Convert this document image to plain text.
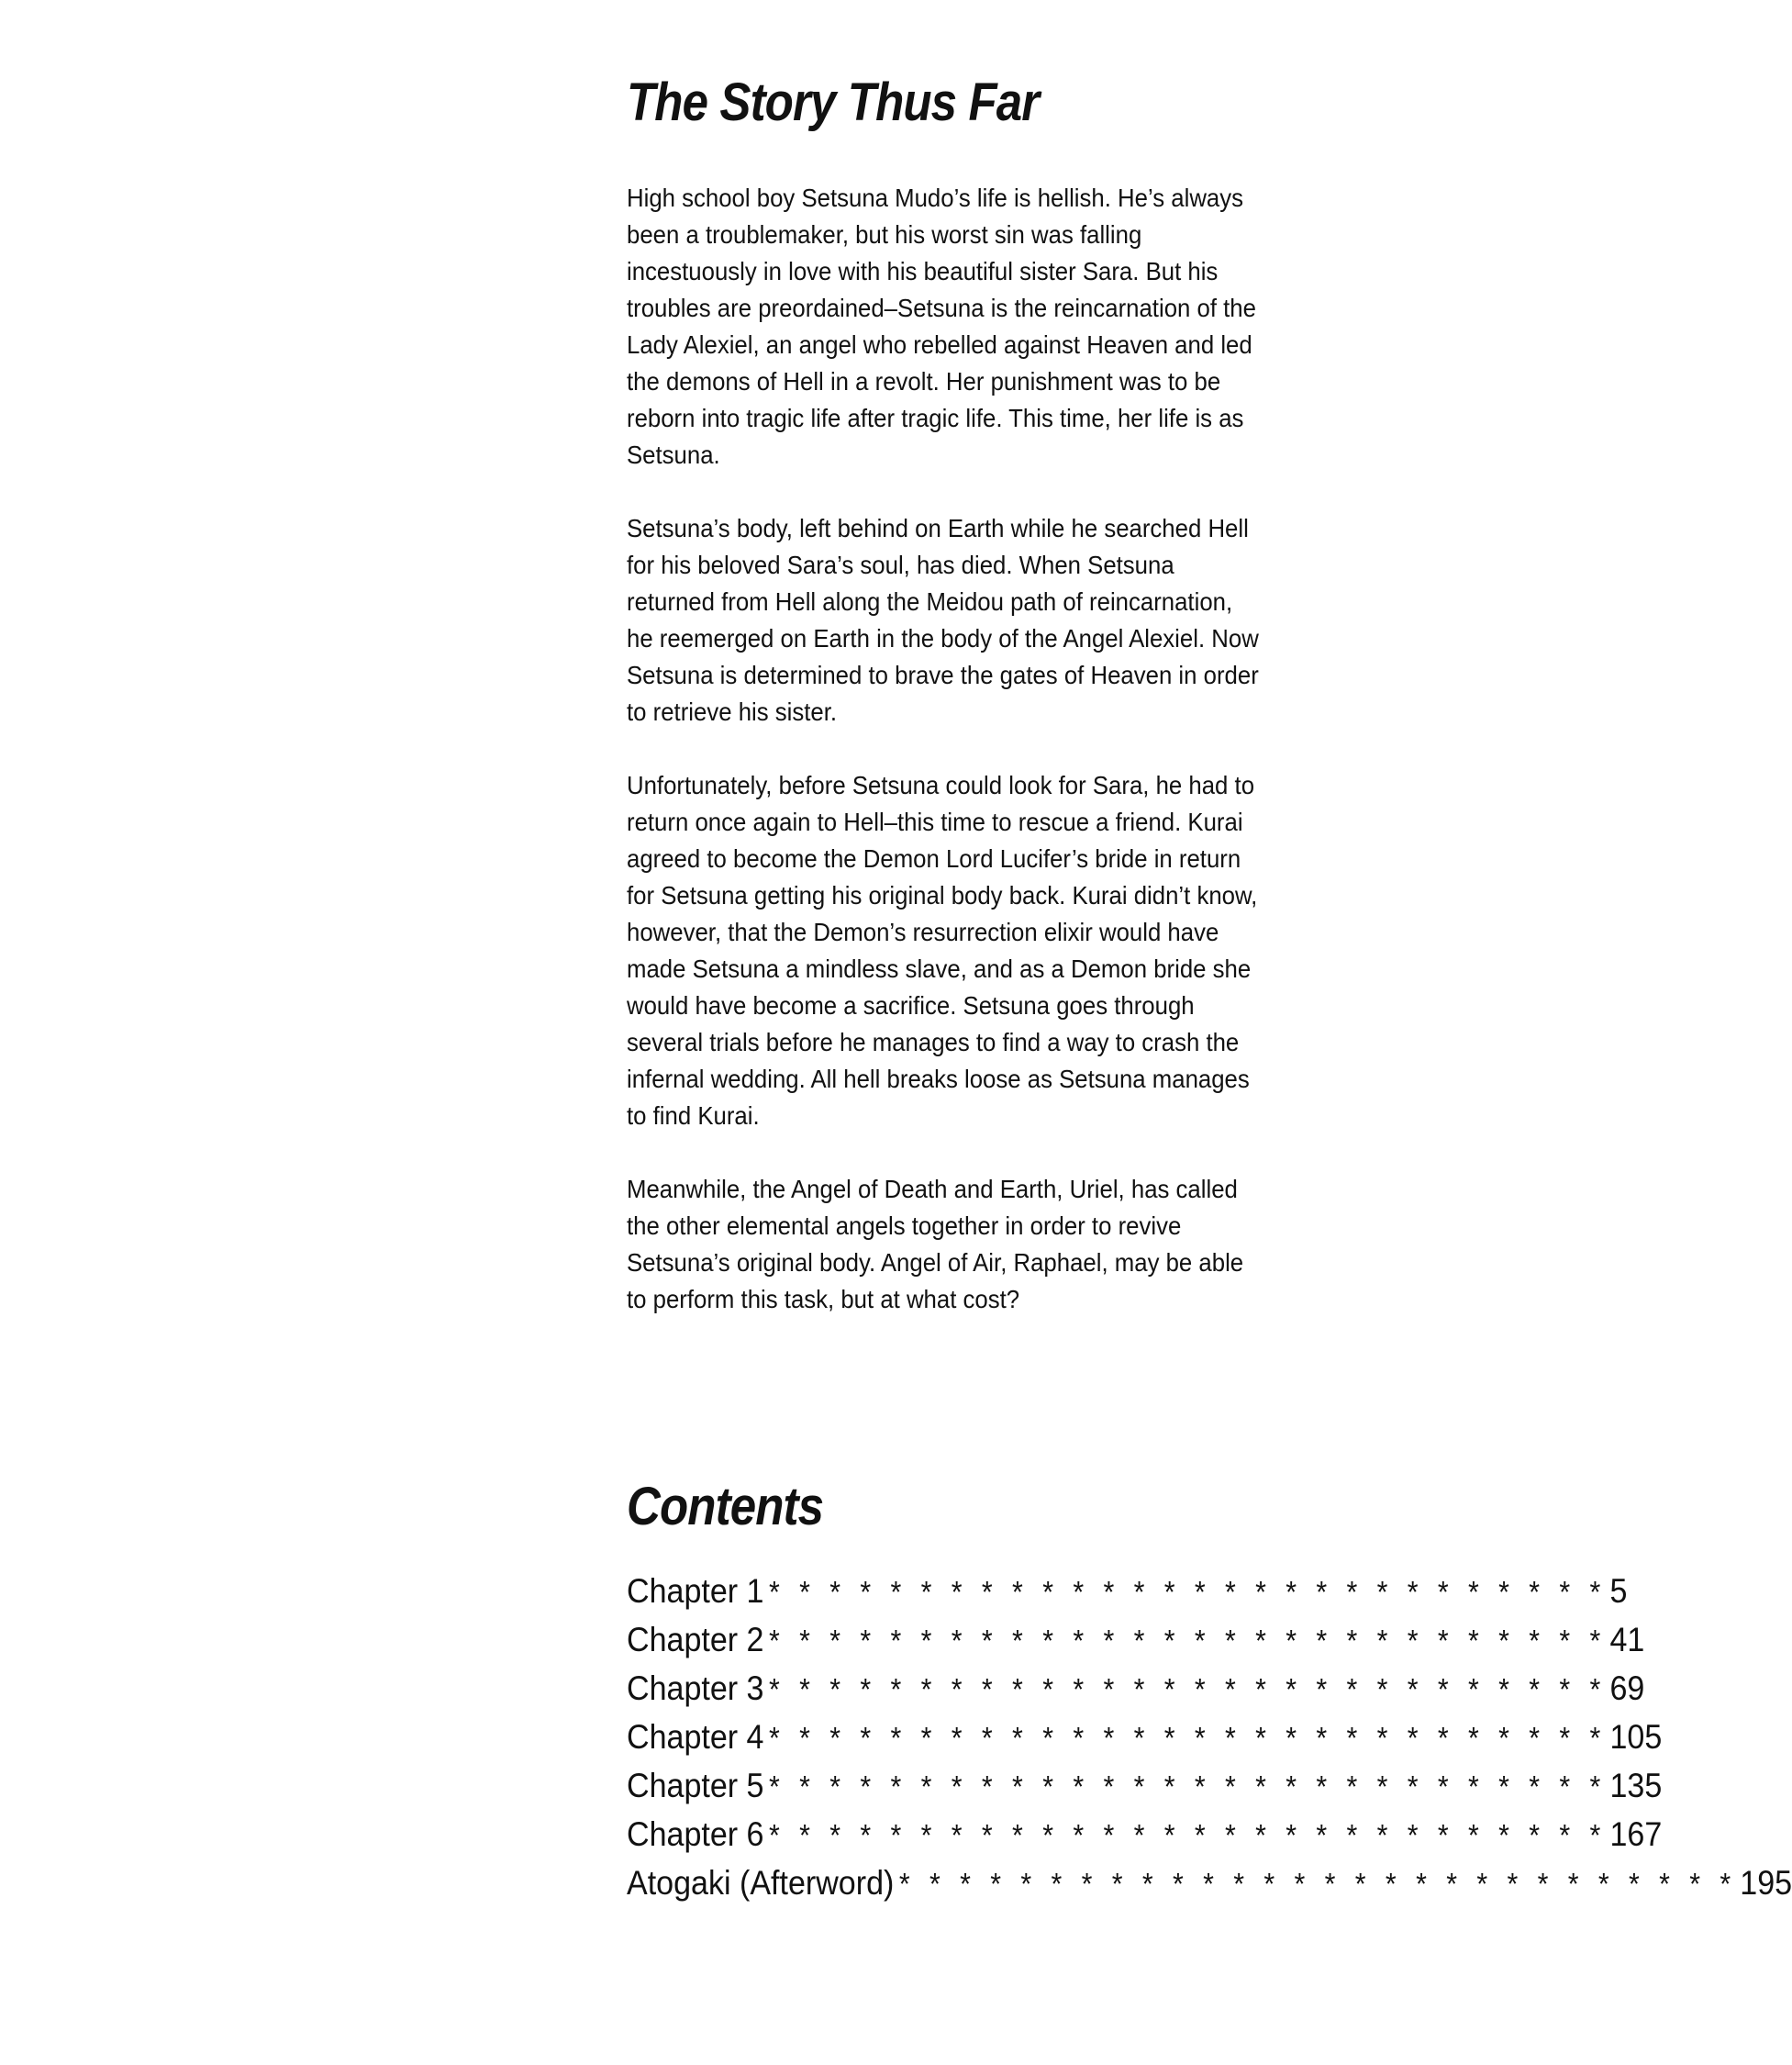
The Story Thus Far

High school boy Setsuna Mudo’s life is hellish. He’s always been a troublemaker, but his worst sin was falling incestuously in love with his beautiful sister Sara. But his troubles are preordained–Setsuna is the reincarnation of the Lady Alexiel, an angel who rebelled against Heaven and led the demons of Hell in a revolt. Her punishment was to be reborn into tragic life after tragic life. This time, her life is as Setsuna.

Setsuna’s body, left behind on Earth while he searched Hell for his beloved Sara’s soul, has died. When Setsuna returned from Hell along the Meidou path of reincarnation, he reemerged on Earth in the body of the Angel Alexiel. Now Setsuna is determined to brave the gates of Heaven in order to retrieve his sister.

Unfortunately, before Setsuna could look for Sara, he had to return once again to Hell–this time to rescue a friend. Kurai agreed to become the Demon Lord Lucifer’s bride in return for Setsuna getting his original body back. Kurai didn’t know, however, that the Demon’s resurrection elixir would have made Setsuna a mindless slave, and as a Demon bride she would have become a sacrifice. Setsuna goes through several trials before he manages to find a way to crash the infernal wedding. All hell breaks loose as Setsuna manages to find Kurai.

Meanwhile, the Angel of Death and Earth, Uriel, has called the other elemental angels together in order to revive Setsuna’s original body. Angel of Air, Raphael, may be able to perform this task, but at what cost?

Contents
Chapter 1 * * * * * * * * * * * * * * * * * * * * * * * * * * * * 5
Chapter 2 * * * * * * * * * * * * * * * * * * * * * * * * * * * * 41
Chapter 3 * * * * * * * * * * * * * * * * * * * * * * * * * * * * 69
Chapter 4 * * * * * * * * * * * * * * * * * * * * * * * * * * * * 105
Chapter 5 * * * * * * * * * * * * * * * * * * * * * * * * * * * * 135
Chapter 6 * * * * * * * * * * * * * * * * * * * * * * * * * * * * 167
Atogaki (Afterword) * * * * * * * * * * * * * * * * * * * * * * * * * * * * 195
